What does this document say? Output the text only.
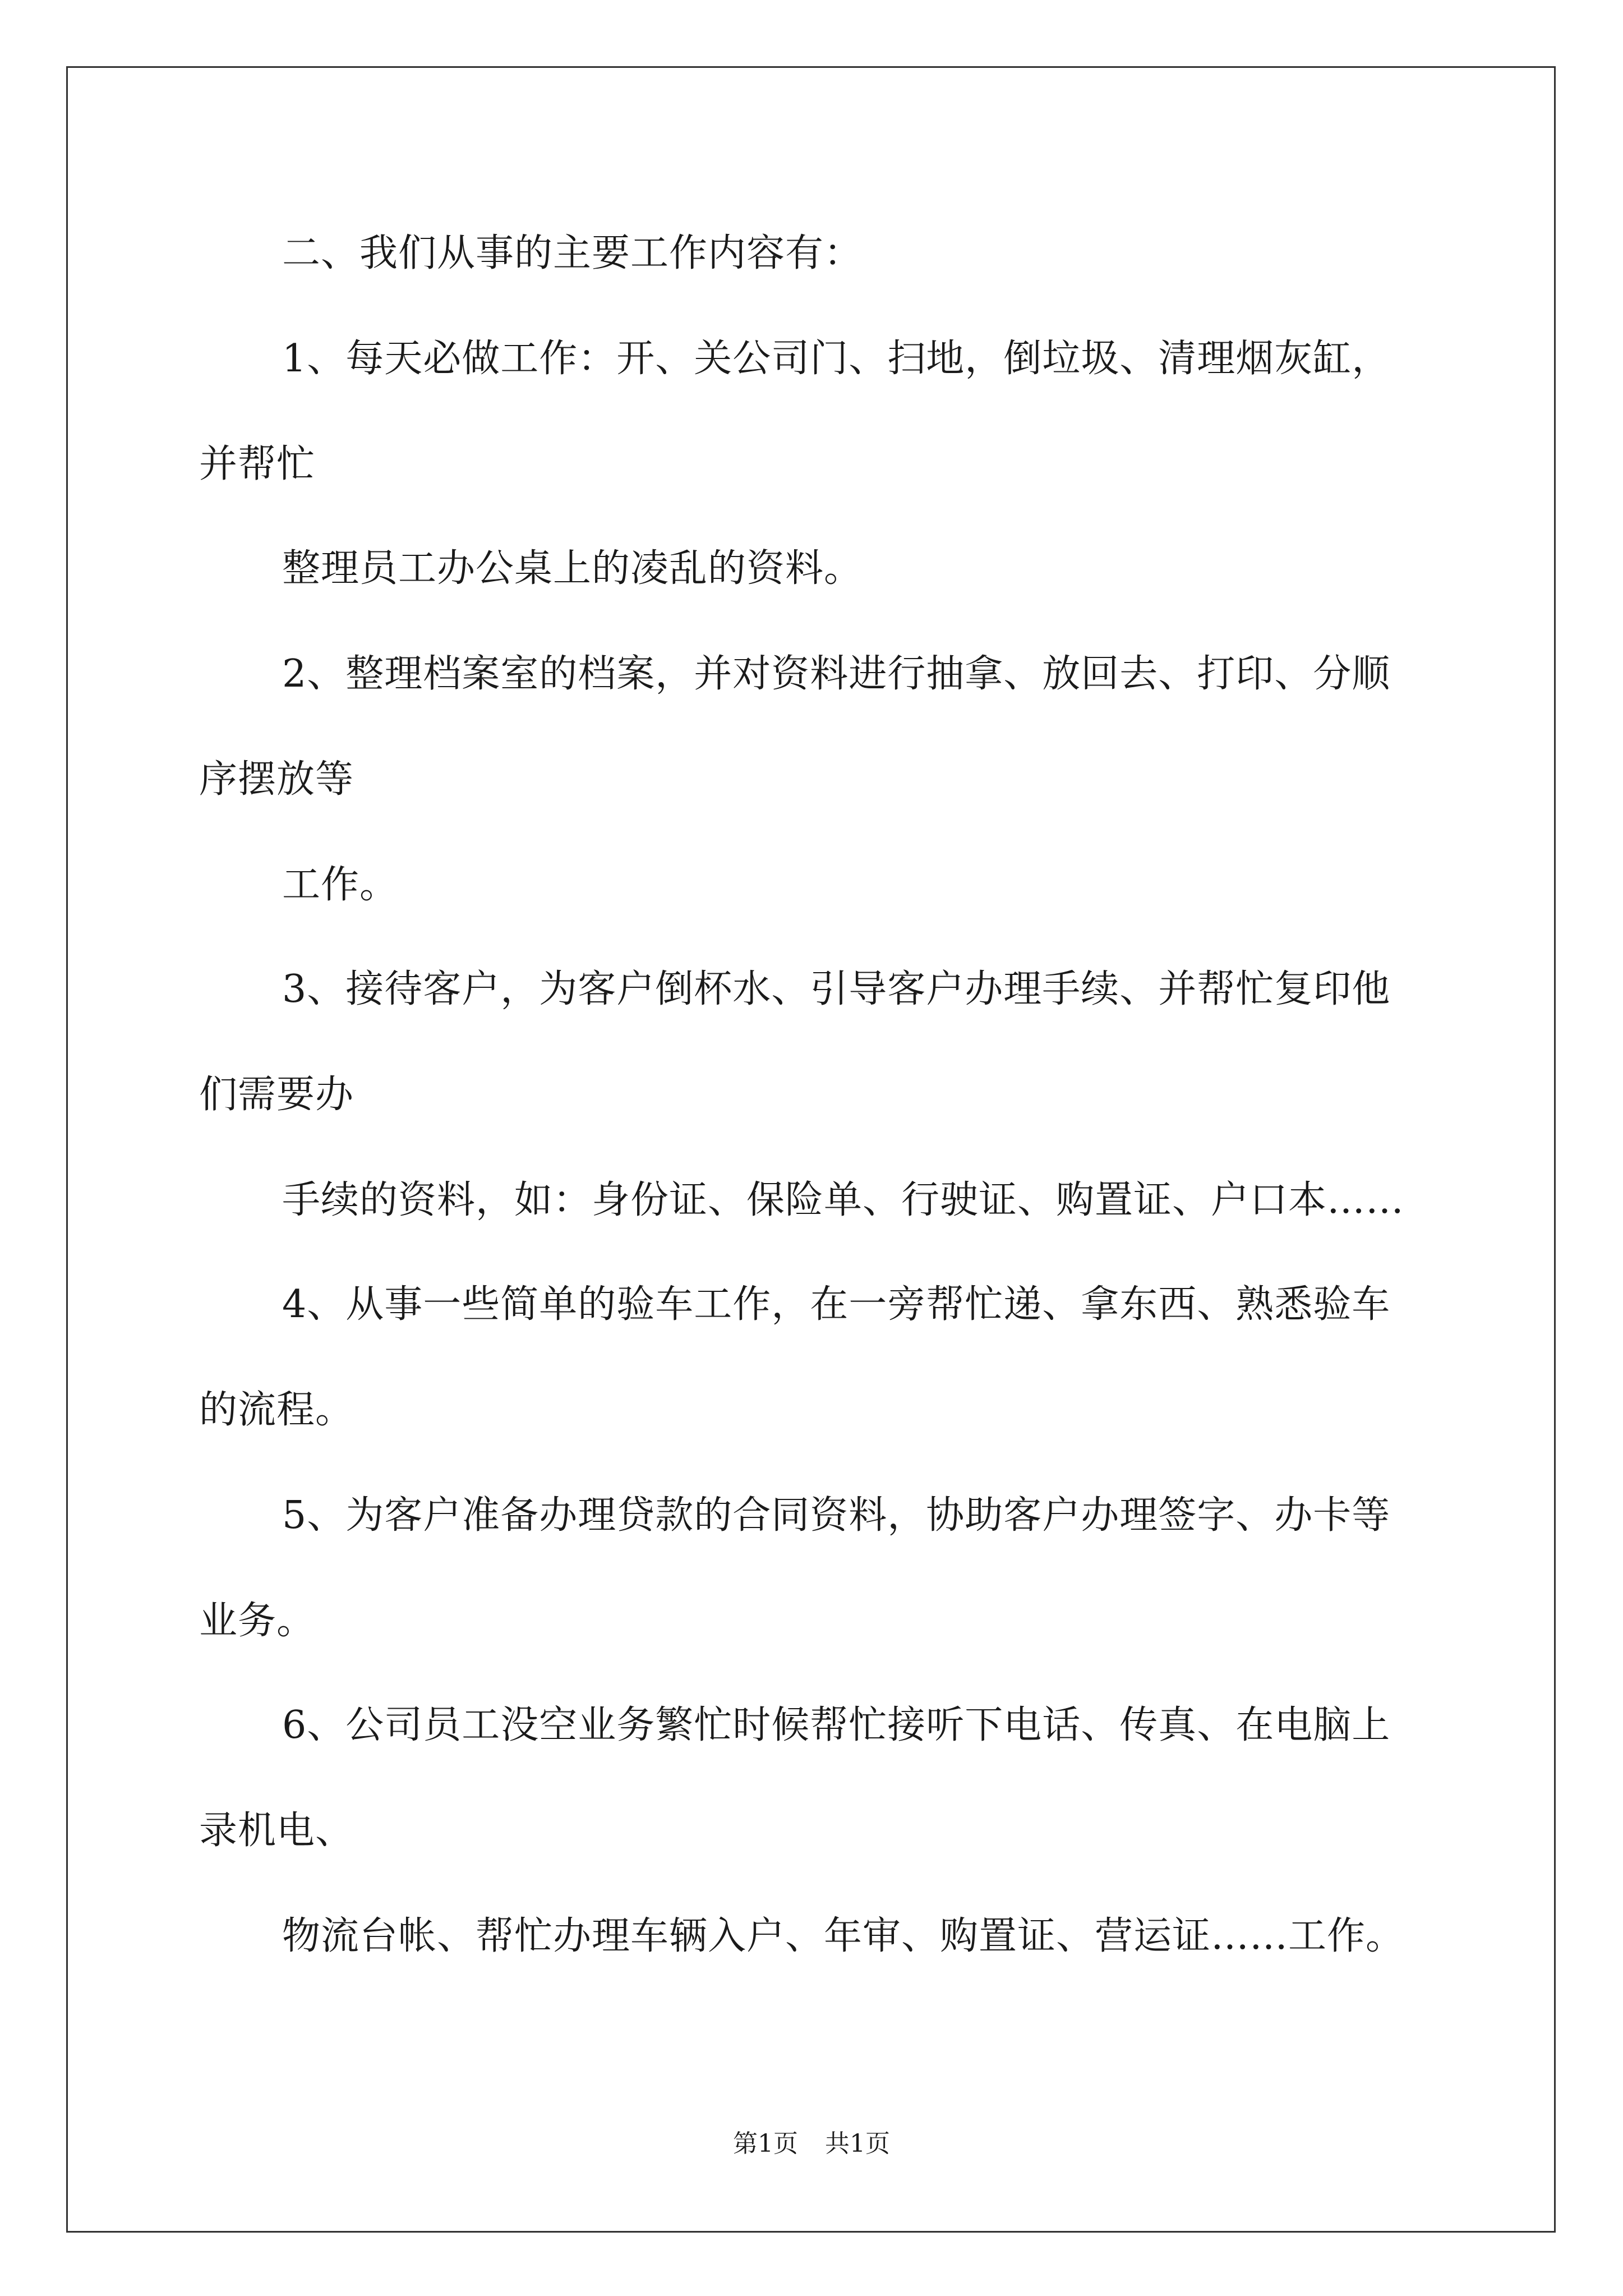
二、我们从事的主要工作内容有：
1、每天必做工作：开、关公司门、扫地，倒垃圾、清理烟灰缸，
并帮忙
整理员工办公桌上的凌乱的资料。
2、整理档案室的档案，并对资料进行抽拿、放回去、打印、分顺
序摆放等
工作。
3、接待客户，为客户倒杯水、引导客户办理手续、并帮忙复印他
们需要办
手续的资料，如：身份证、保险单、行驶证、购置证、户口本……
4、从事一些简单的验车工作，在一旁帮忙递、拿东西、熟悉验车
的流程。
5、为客户准备办理贷款的合同资料，协助客户办理签字、办卡等
业务。
6、公司员工没空业务繁忙时候帮忙接听下电话、传真、在电脑上
录机电、
物流台帐、帮忙办理车辆入户、年审、购置证、营运证……工作。
第1页 共1页
